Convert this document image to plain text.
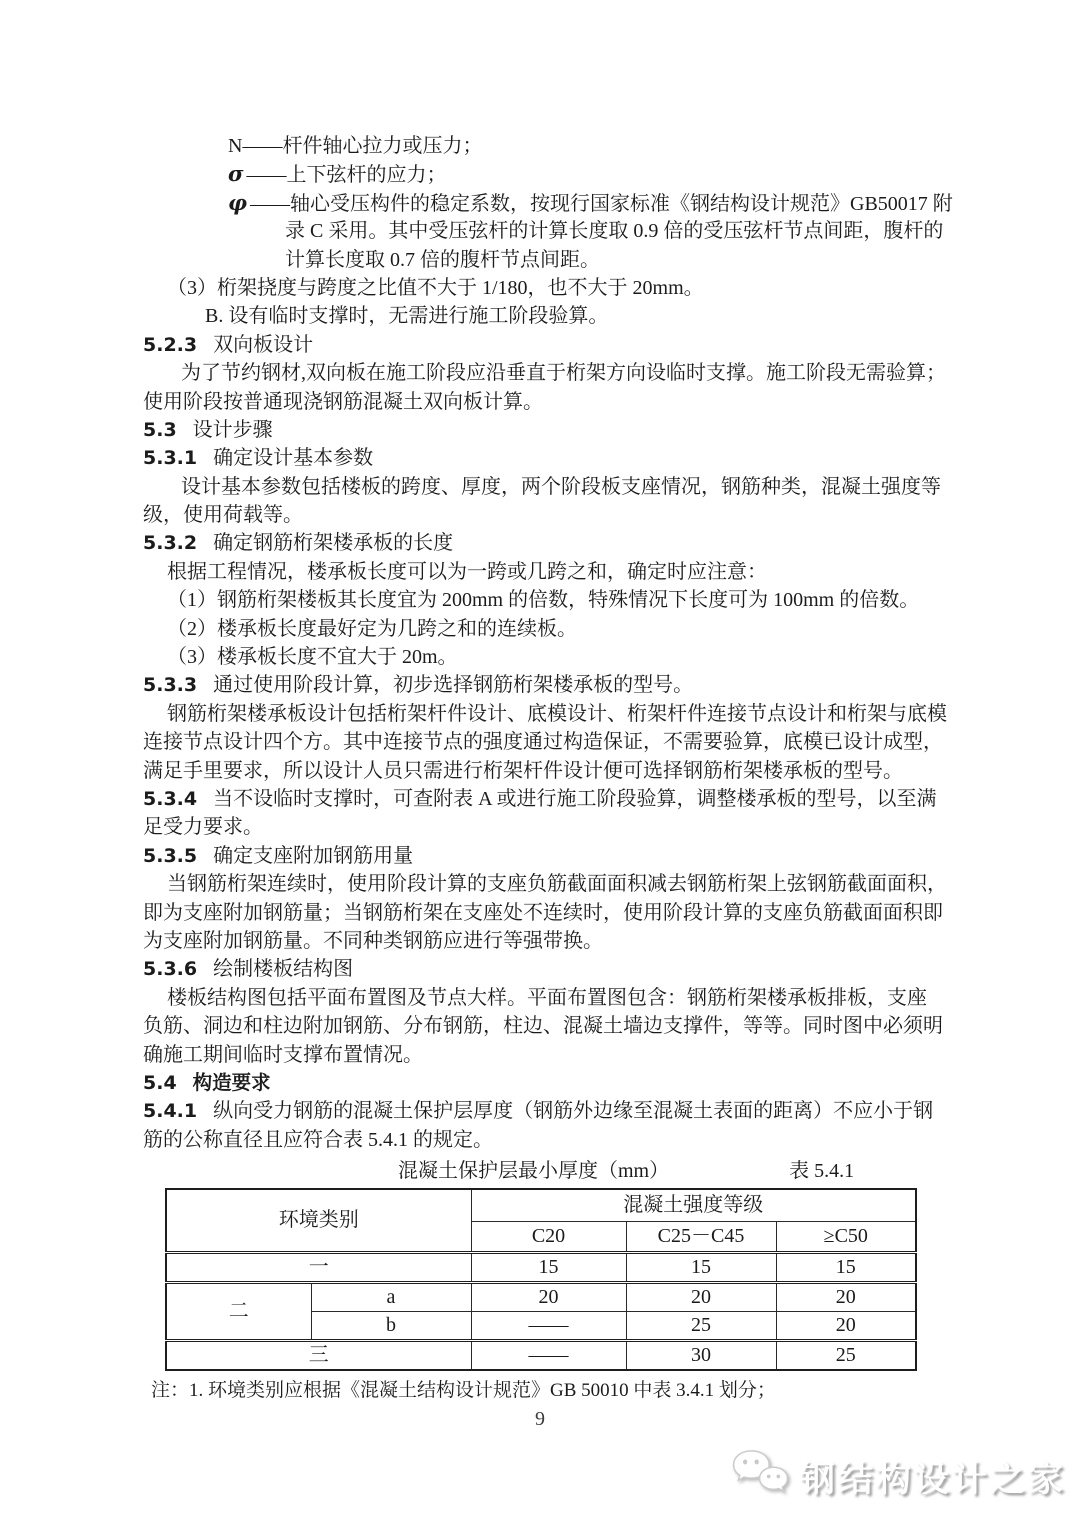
N——杆件轴心拉力或压力；
σ ——上下弦杆的应力；
φ ——轴心受压构件的稳定系数，按现行国家标准《钢结构设计规范》GB50017 附
录 C 采用。其中受压弦杆的计算长度取 0.9 倍的受压弦杆节点间距，腹杆的
计算长度取 0.7 倍的腹杆节点间距。
（3）桁架挠度与跨度之比值不大于 1/180，也不大于 20mm。
B. 设有临时支撑时，无需进行施工阶段验算。
5.2.3 双向板设计
为了节约钢材,双向板在施工阶段应沿垂直于桁架方向设临时支撑。施工阶段无需验算；
使用阶段按普通现浇钢筋混凝土双向板计算。
5.3 设计步骤
5.3.1 确定设计基本参数
设计基本参数包括楼板的跨度、厚度，两个阶段板支座情况，钢筋种类，混凝土强度等
级，使用荷载等。
5.3.2 确定钢筋桁架楼承板的长度
根据工程情况，楼承板长度可以为一跨或几跨之和，确定时应注意：
（1）钢筋桁架楼板其长度宜为 200mm 的倍数，特殊情况下长度可为 100mm 的倍数。
（2）楼承板长度最好定为几跨之和的连续板。
（3）楼承板长度不宜大于 20m。
5.3.3 通过使用阶段计算，初步选择钢筋桁架楼承板的型号。
钢筋桁架楼承板设计包括桁架杆件设计、底模设计、桁架杆件连接节点设计和桁架与底模
连接节点设计四个方。其中连接节点的强度通过构造保证，不需要验算，底模已设计成型，
满足手里要求，所以设计人员只需进行桁架杆件设计便可选择钢筋桁架楼承板的型号。
5.3.4 当不设临时支撑时，可查附表 A 或进行施工阶段验算，调整楼承板的型号，以至满
足受力要求。
5.3.5 确定支座附加钢筋用量
当钢筋桁架连续时，使用阶段计算的支座负筋截面面积减去钢筋桁架上弦钢筋截面面积，
即为支座附加钢筋量；当钢筋桁架在支座处不连续时，使用阶段计算的支座负筋截面面积即
为支座附加钢筋量。不同种类钢筋应进行等强带换。
5.3.6 绘制楼板结构图
楼板结构图包括平面布置图及节点大样。平面布置图包含：钢筋桁架楼承板排板，支座
负筋、洞边和柱边附加钢筋、分布钢筋，柱边、混凝土墙边支撑件，等等。同时图中必须明
确施工期间临时支撑布置情况。
5.4 构造要求
5.4.1 纵向受力钢筋的混凝土保护层厚度（钢筋外边缘至混凝土表面的距离）不应小于钢
筋的公称直径且应符合表 5.4.1 的规定。
混凝土保护层最小厚度（mm）	表 5.4.1
环境类别		混凝土强度等级		
		C20	C25－C45	≥C50
一		15	15	15
二	a	20	20	20
	b	——	25	20
三		——	30	25
注：1. 环境类别应根据《混凝土结构设计规范》GB 50010 中表 3.4.1 划分；
9
钢结构设计之家
